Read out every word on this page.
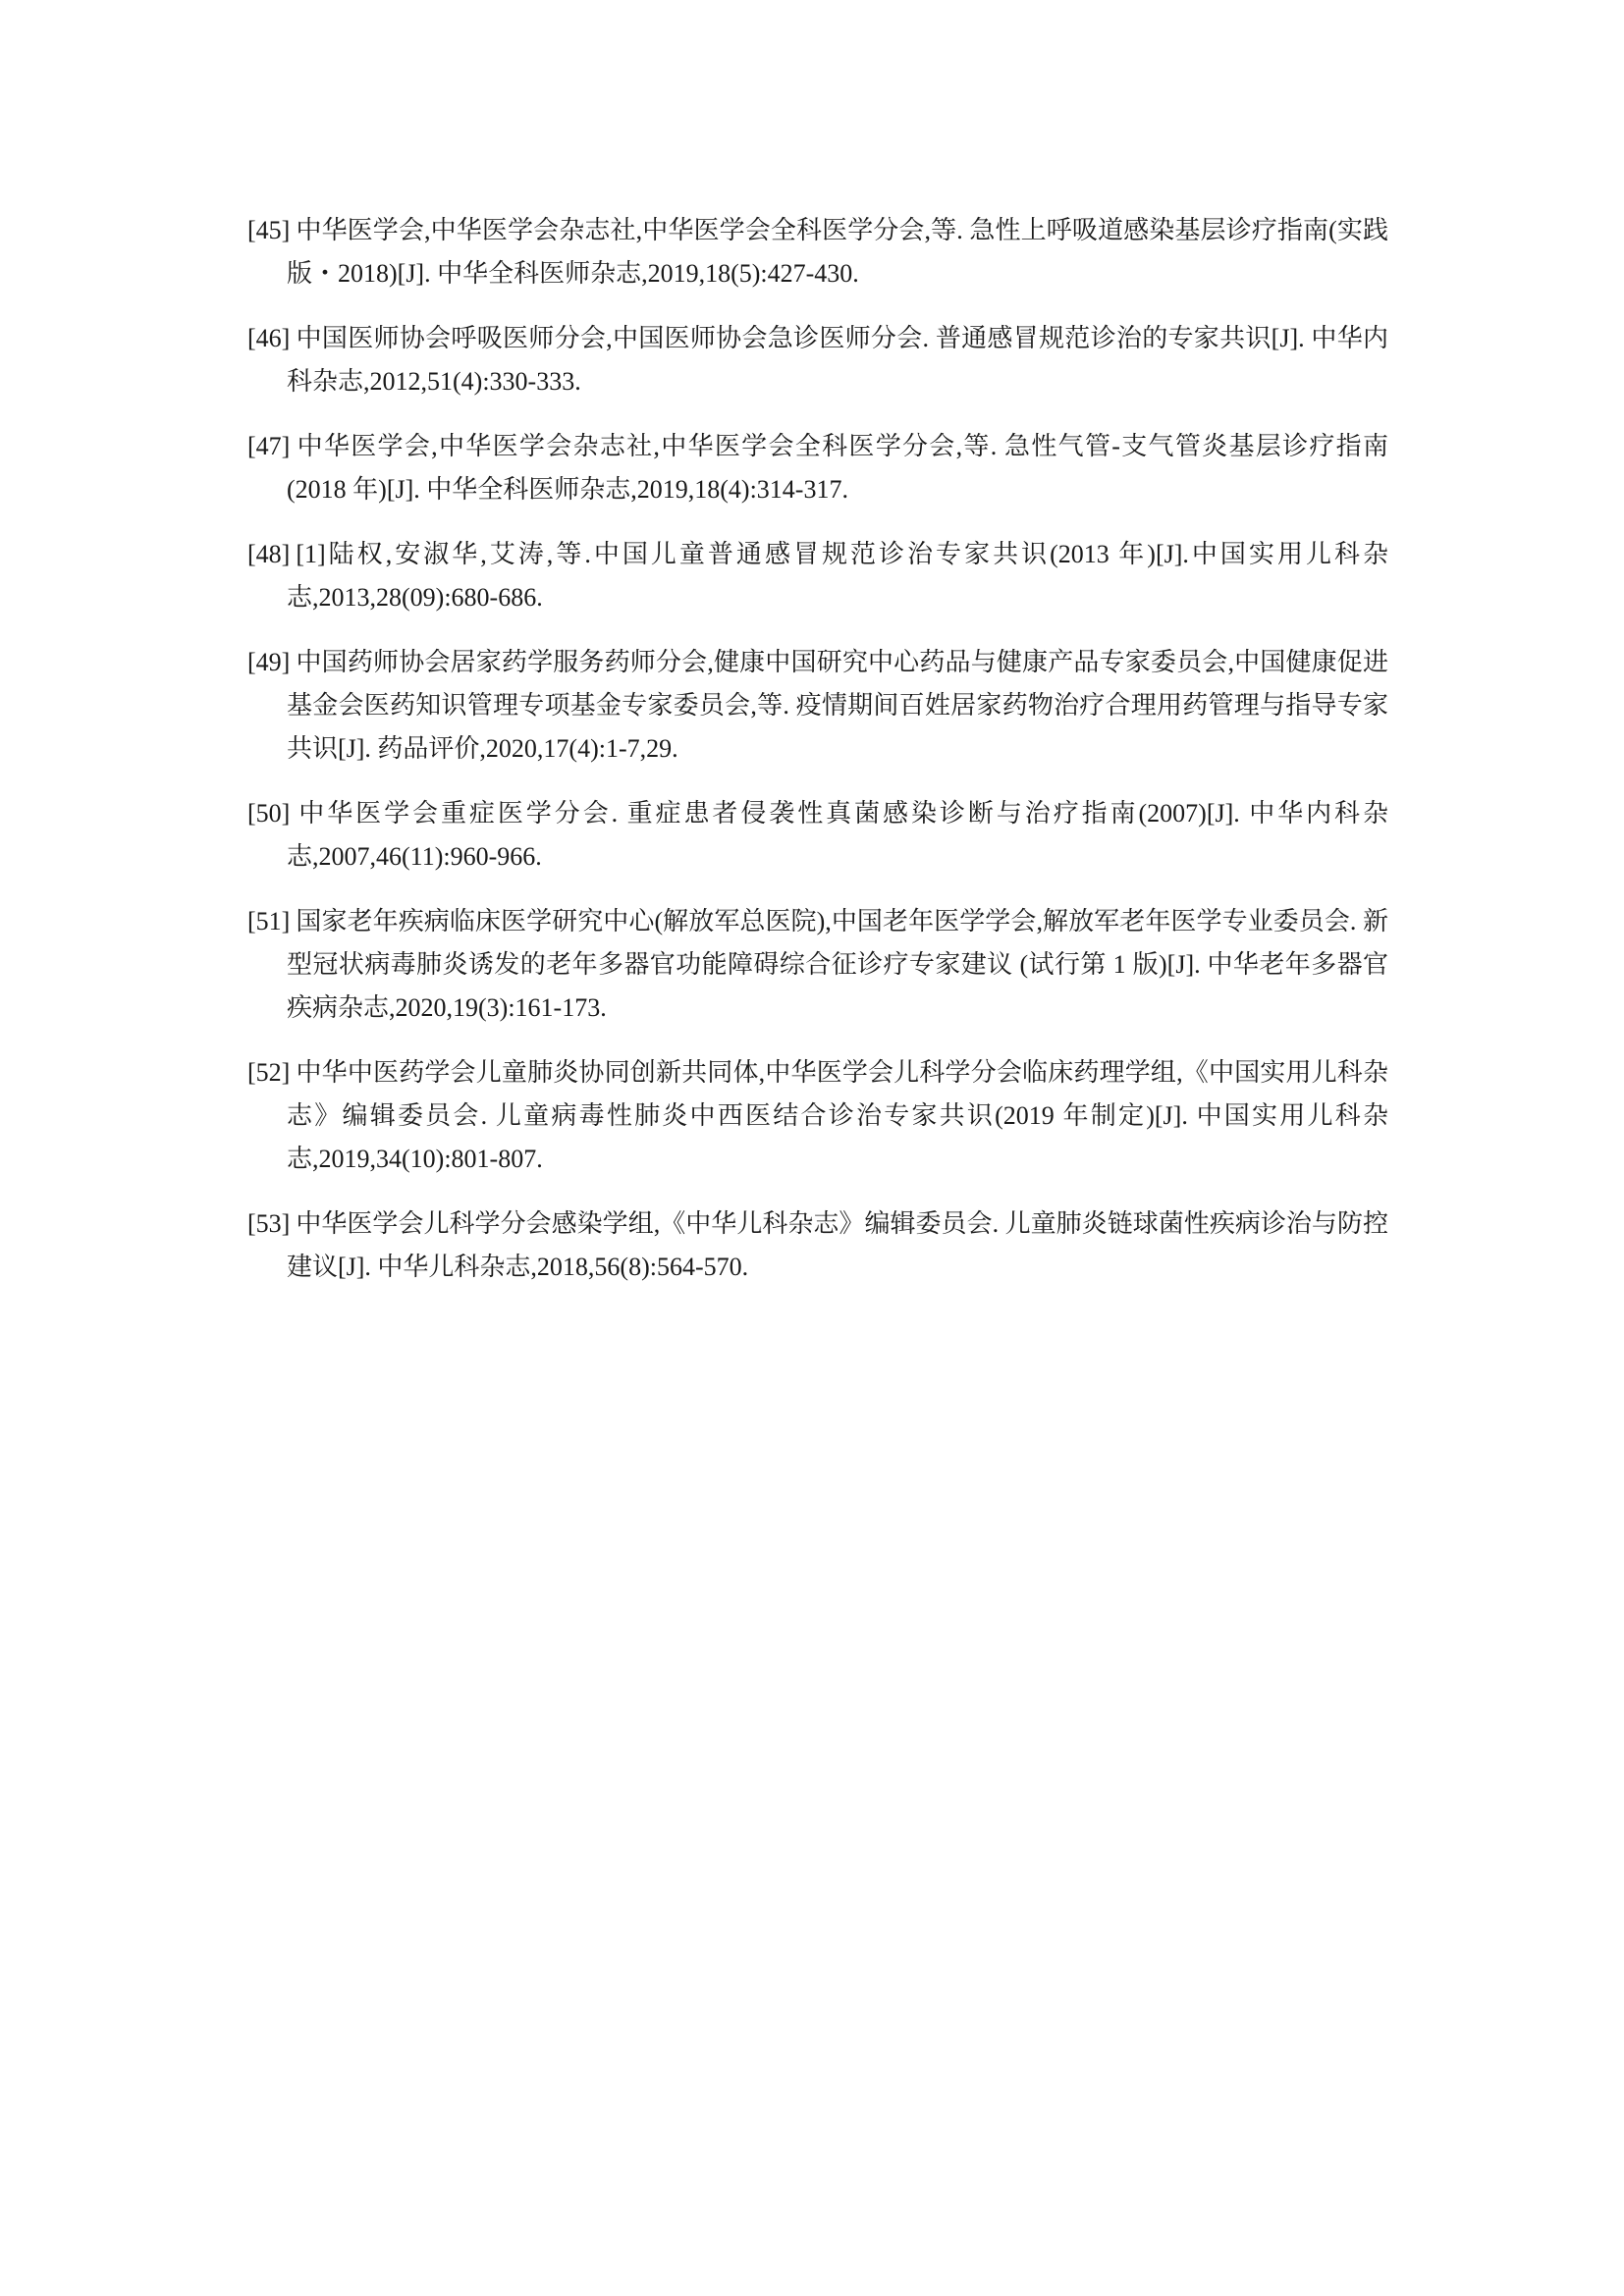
[45] 中华医学会,中华医学会杂志社,中华医学会全科医学分会,等. 急性上呼吸道感染基层诊疗指南(实践版・2018)[J]. 中华全科医师杂志,2019,18(5):427-430.

[46] 中国医师协会呼吸医师分会,中国医师协会急诊医师分会. 普通感冒规范诊治的专家共识[J]. 中华内科杂志,2012,51(4):330-333.

[47] 中华医学会,中华医学会杂志社,中华医学会全科医学分会,等. 急性气管-支气管炎基层诊疗指南(2018 年)[J]. 中华全科医师杂志,2019,18(4):314-317.

[48] [1]陆权,安淑华,艾涛,等.中国儿童普通感冒规范诊治专家共识(2013 年)[J].中国实用儿科杂志,2013,28(09):680-686.

[49] 中国药师协会居家药学服务药师分会,健康中国研究中心药品与健康产品专家委员会,中国健康促进基金会医药知识管理专项基金专家委员会,等. 疫情期间百姓居家药物治疗合理用药管理与指导专家共识[J]. 药品评价,2020,17(4):1-7,29.

[50] 中华医学会重症医学分会. 重症患者侵袭性真菌感染诊断与治疗指南(2007)[J]. 中华内科杂志,2007,46(11):960-966.

[51] 国家老年疾病临床医学研究中心(解放军总医院),中国老年医学学会,解放军老年医学专业委员会. 新型冠状病毒肺炎诱发的老年多器官功能障碍综合征诊疗专家建议 (试行第 1 版)[J]. 中华老年多器官疾病杂志,2020,19(3):161-173.

[52] 中华中医药学会儿童肺炎协同创新共同体,中华医学会儿科学分会临床药理学组,《中国实用儿科杂志》编辑委员会. 儿童病毒性肺炎中西医结合诊治专家共识(2019 年制定)[J]. 中国实用儿科杂志,2019,34(10):801-807.

[53] 中华医学会儿科学分会感染学组,《中华儿科杂志》编辑委员会. 儿童肺炎链球菌性疾病诊治与防控建议[J]. 中华儿科杂志,2018,56(8):564-570.
